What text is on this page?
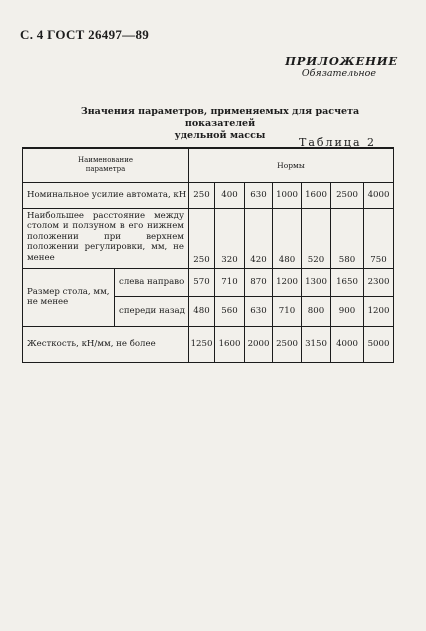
С. 4 ГОСТ 26497—89
ПРИЛОЖЕНИЕ
Обязательное
Значения параметров, применяемых для расчета показателей
удельной массы
Таблица 2
Наименование
параметра		Нормы						
Номинальное усилие автомата, кН		250	400	630	1000	1600	2500	4000
Наибольшее расстояние между столом и ползуном в его нижнем положении при верхнем положении регулировки, мм, не менее		250	320	420	480	520	580	750
Размер стола, мм, не менее	слева направо	570	710	870	1200	1300	1650	2300
	спереди назад	480	560	630	710	800	900	1200
Жесткость, кН/мм, не более		1250	1600	2000	2500	3150	4000	5000
